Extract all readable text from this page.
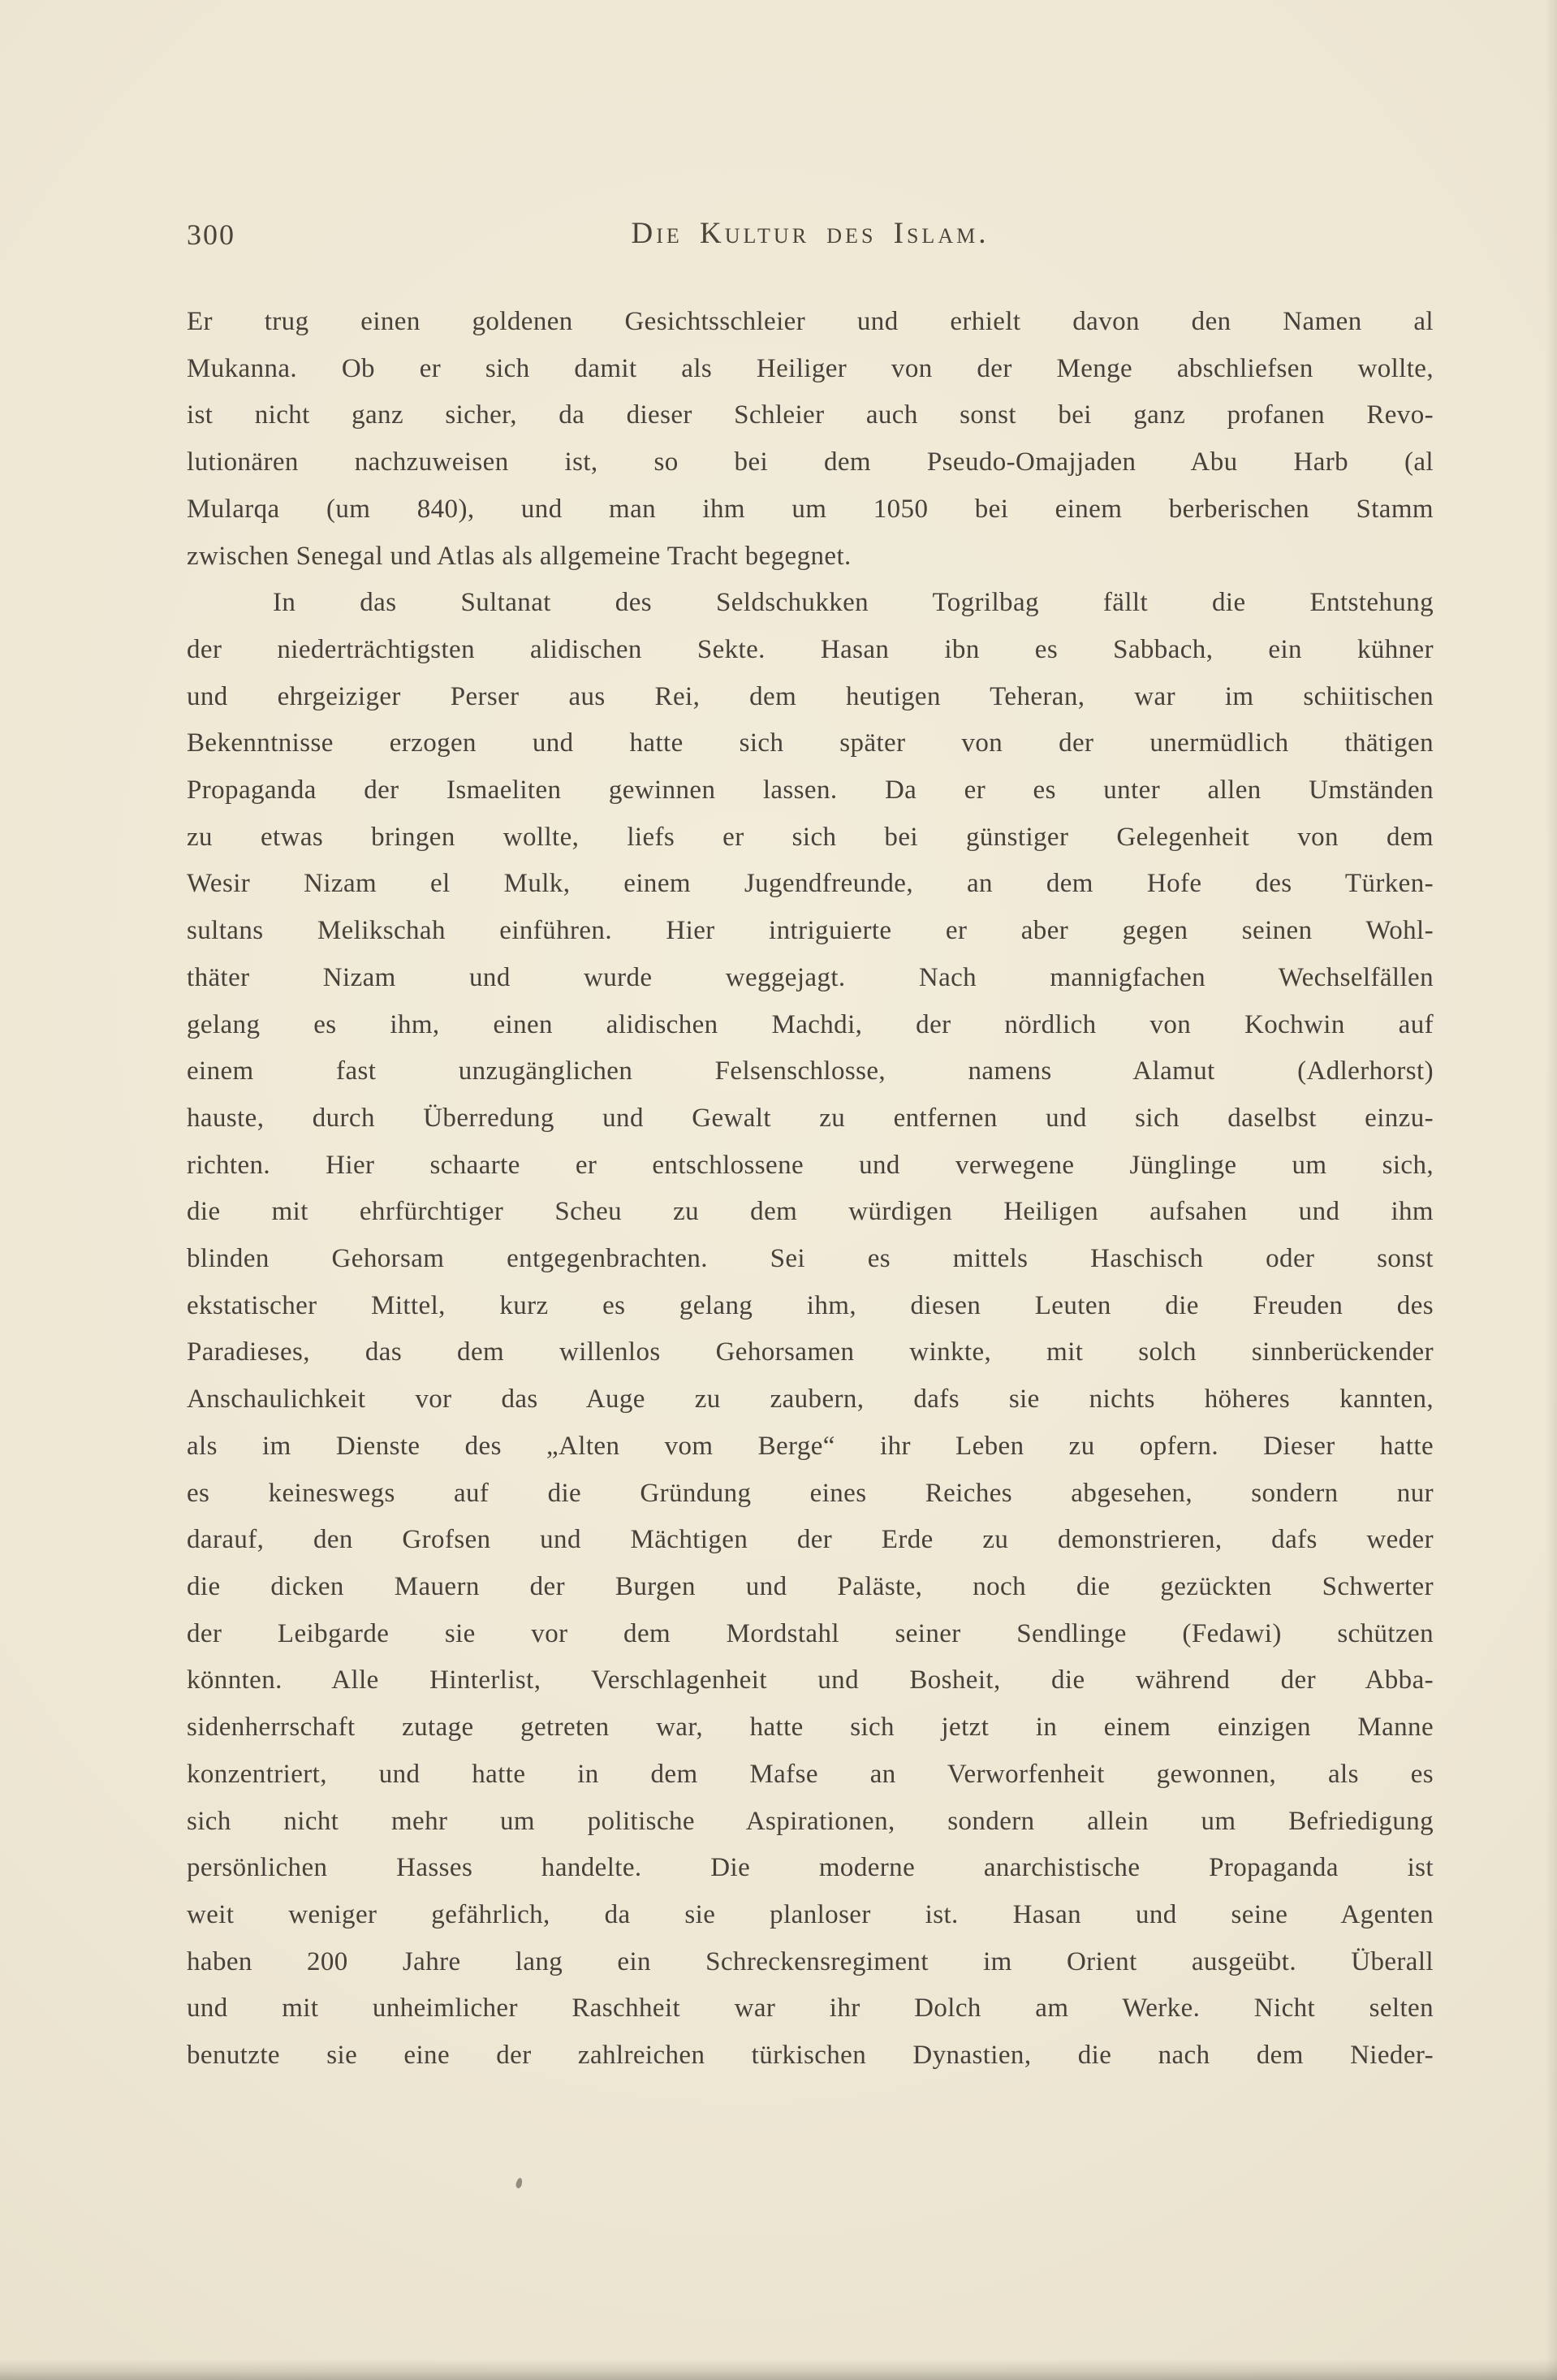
300	Die Kultur des Islam.
Er trug einen goldenen Gesichtsschleier und erhielt davon den Namen al
Mukanna. Ob er sich damit als Heiliger von der Menge abschliefsen wollte,
ist nicht ganz sicher, da dieser Schleier auch sonst bei ganz profanen Revo-
lutionären nachzuweisen ist, so bei dem Pseudo-Omajjaden Abu Harb (al
Mularqa (um 840), und man ihm um 1050 bei einem berberischen Stamm
zwischen Senegal und Atlas als allgemeine Tracht begegnet.
In das Sultanat des Seldschukken Togrilbag fällt die Entstehung
der niederträchtigsten alidischen Sekte. Hasan ibn es Sabbach, ein kühner
und ehrgeiziger Perser aus Rei, dem heutigen Teheran, war im schiitischen
Bekenntnisse erzogen und hatte sich später von der unermüdlich thätigen
Propaganda der Ismaeliten gewinnen lassen. Da er es unter allen Umständen
zu etwas bringen wollte, liefs er sich bei günstiger Gelegenheit von dem
Wesir Nizam el Mulk, einem Jugendfreunde, an dem Hofe des Türken-
sultans Melikschah einführen. Hier intriguierte er aber gegen seinen Wohl-
thäter Nizam und wurde weggejagt. Nach mannigfachen Wechselfällen
gelang es ihm, einen alidischen Machdi, der nördlich von Kochwin auf
einem fast unzugänglichen Felsenschlosse, namens Alamut (Adlerhorst)
hauste, durch Überredung und Gewalt zu entfernen und sich daselbst einzu-
richten. Hier schaarte er entschlossene und verwegene Jünglinge um sich,
die mit ehrfürchtiger Scheu zu dem würdigen Heiligen aufsahen und ihm
blinden Gehorsam entgegenbrachten. Sei es mittels Haschisch oder sonst
ekstatischer Mittel, kurz es gelang ihm, diesen Leuten die Freuden des
Paradieses, das dem willenlos Gehorsamen winkte, mit solch sinnberückender
Anschaulichkeit vor das Auge zu zaubern, dafs sie nichts höheres kannten,
als im Dienste des „Alten vom Berge“ ihr Leben zu opfern. Dieser hatte
es keineswegs auf die Gründung eines Reiches abgesehen, sondern nur
darauf, den Grofsen und Mächtigen der Erde zu demonstrieren, dafs weder
die dicken Mauern der Burgen und Paläste, noch die gezückten Schwerter
der Leibgarde sie vor dem Mordstahl seiner Sendlinge (Fedawi) schützen
könnten. Alle Hinterlist, Verschlagenheit und Bosheit, die während der Abba-
sidenherrschaft zutage getreten war, hatte sich jetzt in einem einzigen Manne
konzentriert, und hatte in dem Mafse an Verworfenheit gewonnen, als es
sich nicht mehr um politische Aspirationen, sondern allein um Befriedigung
persönlichen Hasses handelte. Die moderne anarchistische Propaganda ist
weit weniger gefährlich, da sie planloser ist. Hasan und seine Agenten
haben 200 Jahre lang ein Schreckensregiment im Orient ausgeübt. Überall
und mit unheimlicher Raschheit war ihr Dolch am Werke. Nicht selten
benutzte sie eine der zahlreichen türkischen Dynastien, die nach dem Nieder-
